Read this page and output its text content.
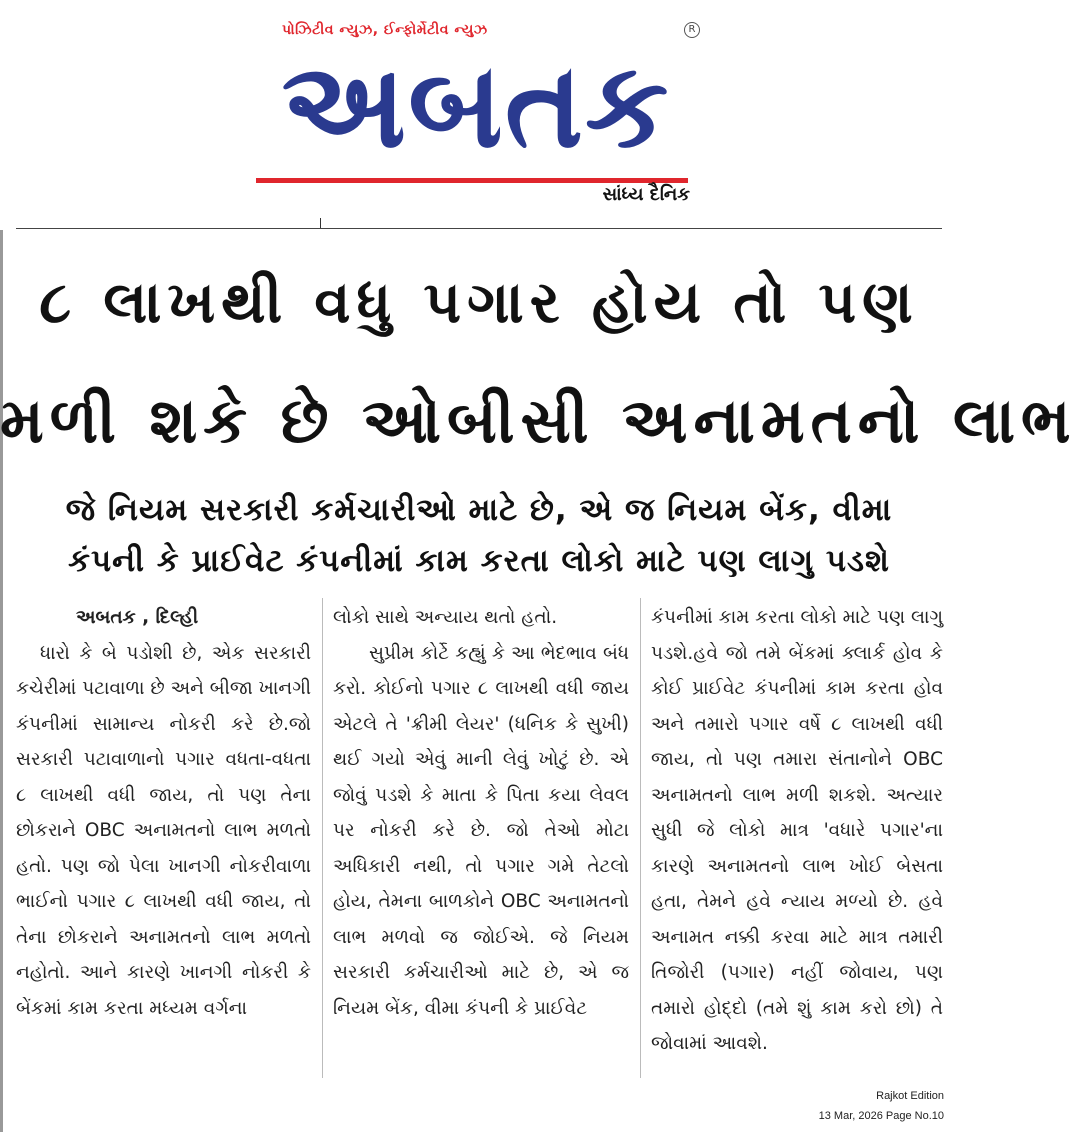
પોઝિટીવ ન્યુઝ, ઈન્ફોર્મેટીવ ન્યુઝ	R
અબતક
સાંધ્ય દૈનિક
૮ લાખથી વધુ પગાર હોય તો પણ
મળી શકે છે ઓબીસી અનામતનો લાભ
જે નિયમ સરકારી કર્મચારીઓ માટે છે, એ જ નિયમ બેંક, વીમા
કંપની કે પ્રાઈવેટ કંપનીમાં કામ કરતા લોકો માટે પણ લાગુ પડશે

અબતક , દિલ્હી

ધારો કે બે પડોશી છે, એક સરકારી કચેરીમાં પટાવાળા છે અને બીજા ખાનગી કંપનીમાં સામાન્ય નોકરી કરે છે.જો સરકારી પટાવાળાનો પગાર વધતા-વધતા ૮ લાખથી વધી જાય, તો પણ તેના છોકરાને OBC અનામતનો લાભ મળતો હતો. પણ જો પેલા ખાનગી નોકરીવાળા ભાઈનો પગાર ૮ લાખથી વધી જાય, તો તેના છોકરાને અનામતનો લાભ મળતો નહોતો. આને કારણે ખાનગી નોકરી કે બેંકમાં કામ કરતા મધ્યમ વર્ગના

લોકો સાથે અન્યાય થતો હતો.

સુપ્રીમ કોર્ટે કહ્યું કે આ ભેદભાવ બંધ કરો. કોઈનો પગાર ૮ લાખથી વધી જાય એટલે તે 'ક્રીમી લેયર' (ધનિક કે સુખી) થઈ ગયો એવું માની લેવું ખોટું છે. એ જોવું પડશે કે માતા કે પિતા કયા લેવલ પર નોકરી કરે છે. જો તેઓ મોટા અધિકારી નથી, તો પગાર ગમે તેટલો હોય, તેમના બાળકોને OBC અનામતનો લાભ મળવો જ જોઈએ. જે નિયમ સરકારી કર્મચારીઓ માટે છે, એ જ નિયમ બેંક, વીમા કંપની કે પ્રાઈવેટ

કંપનીમાં કામ કરતા લોકો માટે પણ લાગુ પડશે.હવે જો તમે બેંકમાં ક્લાર્ક હોવ કે કોઈ પ્રાઈવેટ કંપનીમાં કામ કરતા હોવ અને તમારો પગાર વર્ષે ૮ લાખથી વધી જાય, તો પણ તમારા સંતાનોને OBC અનામતનો લાભ મળી શકશે. અત્યાર સુધી જે લોકો માત્ર 'વધારે પગાર'ના કારણે અનામતનો લાભ ખોઈ બેસતા હતા, તેમને હવે ન્યાય મળ્યો છે. હવે અનામત નક્કી કરવા માટે માત્ર તમારી તિજોરી (પગાર) નહીં જોવાય, પણ તમારો હોદ્દો (તમે શું કામ કરો છો) તે જોવામાં આવશે.

Rajkot Edition
13 Mar, 2026 Page No.10
